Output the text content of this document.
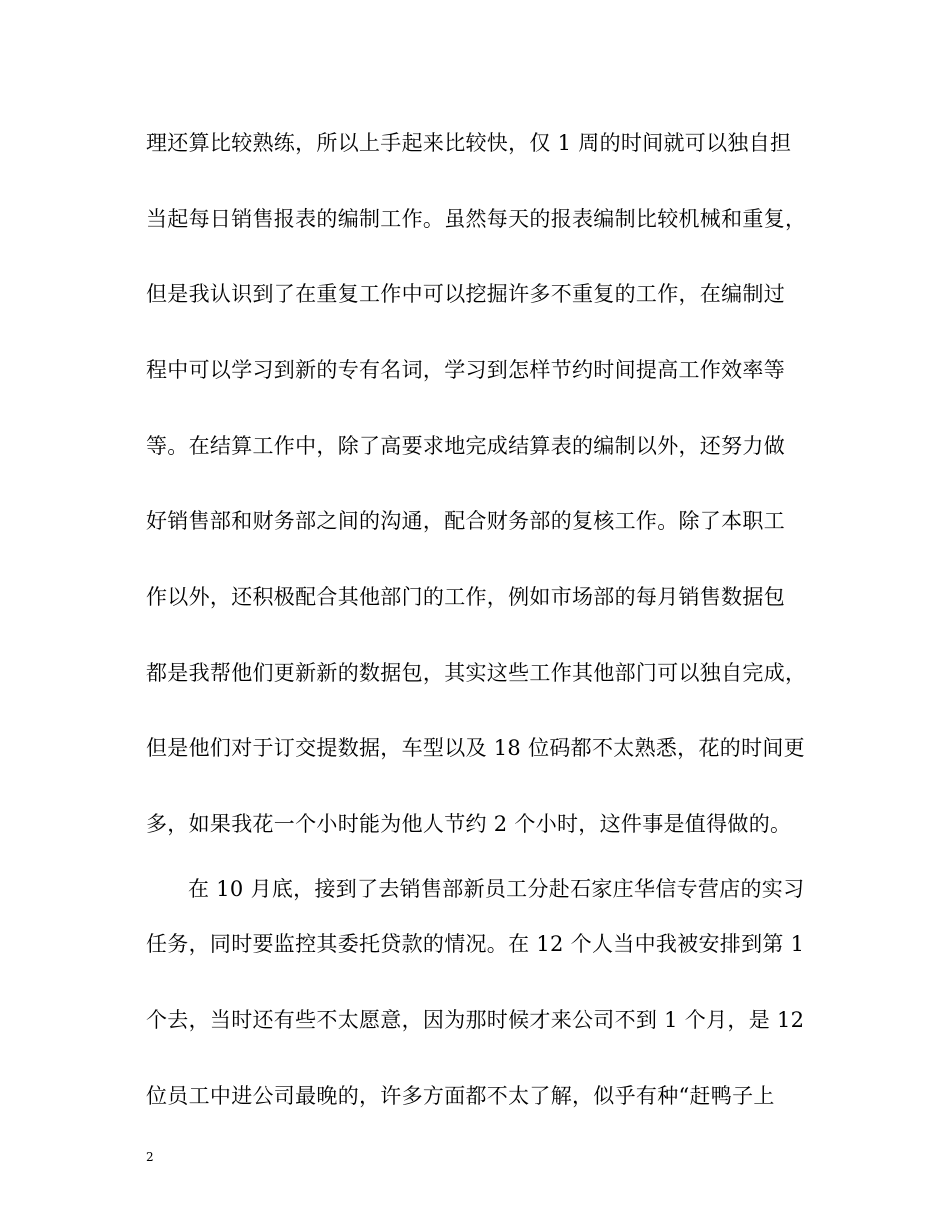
理还算比较熟练，所以上手起来比较快，仅 1 周的时间就可以独自担
当起每日销售报表的编制工作。虽然每天的报表编制比较机械和重复，
但是我认识到了在重复工作中可以挖掘许多不重复的工作，在编制过
程中可以学习到新的专有名词，学习到怎样节约时间提高工作效率等
等。在结算工作中，除了高要求地完成结算表的编制以外，还努力做
好销售部和财务部之间的沟通，配合财务部的复核工作。除了本职工
作以外，还积极配合其他部门的工作，例如市场部的每月销售数据包
都是我帮他们更新新的数据包，其实这些工作其他部门可以独自完成，
但是他们对于订交提数据，车型以及 18 位码都不太熟悉，花的时间更
多，如果我花一个小时能为他人节约 2 个小时，这件事是值得做的。
在 10 月底，接到了去销售部新员工分赴石家庄华信专营店的实习
任务，同时要监控其委托贷款的情况。在 12 个人当中我被安排到第 1
个去，当时还有些不太愿意，因为那时候才来公司不到 1 个月，是 12
位员工中进公司最晚的，许多方面都不太了解，似乎有种“赶鸭子上
2
